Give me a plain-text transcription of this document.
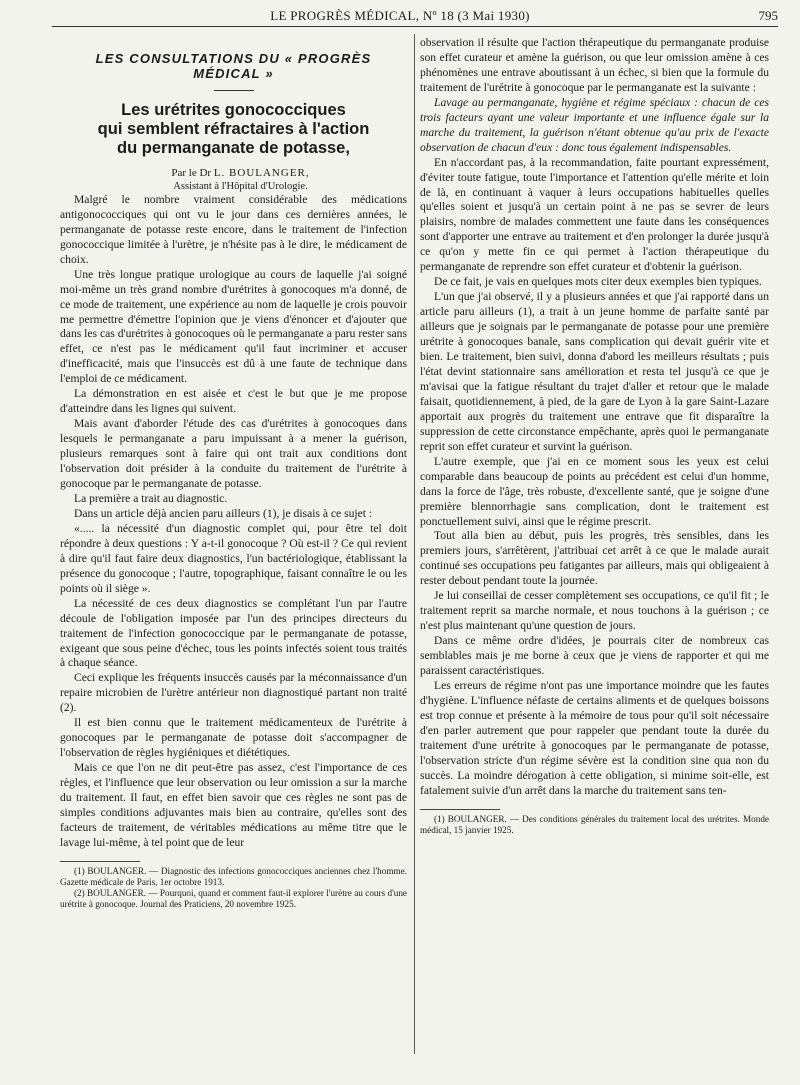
LE PROGRÈS MÉDICAL, Nº 18 (3 Mai 1930)	795
LES CONSULTATIONS DU « PROGRÈS MÉDICAL »
Les urétrites gonococciques
qui semblent réfractaires à l'action
du permanganate de potasse,

Par le Dr L. BOULANGER,

Assistant à l'Hôpital d'Urologie.

Malgré le nombre vraiment considérable des médications antigonococciques qui ont vu le jour dans ces dernières années, le permanganate de potasse reste encore, dans le traitement de l'infection gonococcique limitée à l'urètre, je n'hésite pas à le dire, le médicament de choix.

Une très longue pratique urologique au cours de laquelle j'ai soigné moi-même un très grand nombre d'urétrites à gonocoques m'a donné, de ce mode de traitement, une expérience au nom de laquelle je crois pouvoir me permettre d'émettre l'opinion que je viens d'énoncer et d'ajouter que dans les cas d'urétrites à gonocoques où le permanganate a paru rester sans effet, ce n'est pas le médicament qu'il faut incriminer et accuser d'inefficacité, mais que l'insuccès est dû à une faute de technique dans l'emploi de ce médicament.

La démonstration en est aisée et c'est le but que je me propose d'atteindre dans les lignes qui suivent.

Mais avant d'aborder l'étude des cas d'urétrites à gonocoques dans lesquels le permanganate a paru impuissant à a mener la guérison, plusieurs remarques sont à faire qui ont trait aux conditions dont l'observation doit présider à la conduite du traitement de l'urétrite à gonocoque par le permanganate de potasse.

La première a trait au diagnostic.

Dans un article déjà ancien paru ailleurs (1), je disais à ce sujet :

«..... la nécessité d'un diagnostic complet qui, pour être tel doit répondre à deux questions : Y a-t-il gonocoque ? Où est-il ? Ce qui revient à dire qu'il faut faire deux diagnostics, l'un bactériologique, établissant la présence du gonocoque ; l'autre, topographique, faisant connaître le ou les points où il siège ».

La nécessité de ces deux diagnostics se complétant l'un par l'autre découle de l'obligation imposée par l'un des principes directeurs du traitement de l'infection gonococcique par le permanganate de potasse, exigeant que sous peine d'échec, tous les points infectés soient tous traités à chaque séance.

Ceci explique les fréquents insuccès causés par la méconnaissance d'un repaire microbien de l'urètre antérieur non diagnostiqué partant non traité (2).

Il est bien connu que le traitement médicamenteux de l'urétrite à gonocoques par le permanganate de potasse doit s'accompagner de l'observation de règles hygiéniques et diététiques.

Mais ce que l'on ne dit peut-être pas assez, c'est l'importance de ces règles, et l'influence que leur observation ou leur omission a sur la marche du traitement. Il faut, en effet bien savoir que ces règles ne sont pas de simples conditions adjuvantes mais bien au contraire, qu'elles sont des facteurs de traitement, de véritables médications au même titre que le lavage lui-même, à tel point que de leur

(1) BOULANGER. — Diagnostic des infections gonococciques anciennes chez l'homme. Gazette médicale de Paris, 1er octobre 1913.

(2) BOULANGER. — Pourquoi, quand et comment faut-il explorer l'urètre au cours d'une urétrite à gonocoque. Journal des Praticiens, 20 novembre 1925.

observation il résulte que l'action thérapeutique du permanganate produise son effet curateur et amène la guérison, ou que leur omission amène à ces phénomènes une entrave aboutissant à un échec, si bien que la formule du traitement de l'urétrite à gonocoque par le permanganate est la suivante :

Lavage au permanganate, hygiène et régime spéciaux : chacun de ces trois facteurs ayant une valeur importante et une influence égale sur la marche du traitement, la guérison n'étant obtenue qu'au prix de l'exacte observation de chacun d'eux : donc tous également indispensables.

En n'accordant pas, à la recommandation, faite pourtant expressément, d'éviter toute fatigue, toute l'importance et l'attention qu'elle mérite et loin de là, en continuant à vaquer à leurs occupations habituelles quelles qu'elles soient et jusqu'à un certain point à ne pas se sevrer de leurs plaisirs, nombre de malades commettent une faute dans les conséquences sont d'apporter une entrave au traitement et d'en prolonger la durée jusqu'à ce qu'on y mette fin ce qui permet à l'action thérapeutique du permanganate de reprendre son effet curateur et d'obtenir la guérison.

De ce fait, je vais en quelques mots citer deux exemples bien typiques.

L'un que j'ai observé, il y a plusieurs années et que j'ai rapporté dans un article paru ailleurs (1), a trait à un jeune homme de parfaite santé par ailleurs que je soignais par le permanganate de potasse pour une première urétrite à gonocoques banale, sans complication qui devait guérir vite et bien. Le traitement, bien suivi, donna d'abord les meilleurs résultats ; puis l'état devint stationnaire sans amélioration et resta tel jusqu'à ce que je m'avisai que la fatigue résultant du trajet d'aller et retour que le malade faisait, quotidiennement, à pied, de la gare de Lyon à la gare Saint-Lazare apportait aux progrès du traitement une entrave que fit disparaître la suppression de cette circonstance empêchante, après quoi le permanganate reprit son effet curateur et survint la guérison.

L'autre exemple, que j'ai en ce moment sous les yeux est celui comparable dans beaucoup de points au précédent est celui d'un homme, dans la force de l'âge, très robuste, d'excellente santé, que je soigne d'une première blennorrhagie sans complication, dont le traitement est ponctuellement suivi, ainsi que le régime prescrit.

Tout alla bien au début, puis les progrès, très sensibles, dans les premiers jours, s'arrêtèrent, j'attribuai cet arrêt à ce que le malade aurait continué ses occupations peu fatigantes par ailleurs, mais qui obligeaient à rester debout pendant toute la journée.

Je lui conseillai de cesser complètement ses occupations, ce qu'il fit ; le traitement reprit sa marche normale, et nous touchons à la guérison ; ce n'est plus maintenant qu'une question de jours.

Dans ce même ordre d'idées, je pourrais citer de nombreux cas semblables mais je me borne à ceux que je viens de rapporter et qui me paraissent caractéristiques.

Les erreurs de régime n'ont pas une importance moindre que les fautes d'hygiène. L'influence néfaste de certains aliments et de quelques boissons est trop connue et présente à la mémoire de tous pour qu'il soit nécessaire d'en parler autrement que pour rappeler que pendant toute la durée du traitement d'une urétrite à gonocoques par le permanganate de potasse, l'observation stricte d'un régime sévère est la condition sine qua non du succès. La moindre dérogation à cette obligation, si minime soit-elle, est fatalement suivie d'un arrêt dans la marche du traitement sans ten-

(1) BOULANGER. — Des conditions générales du traitement local des urétrites. Monde médical, 15 janvier 1925.
